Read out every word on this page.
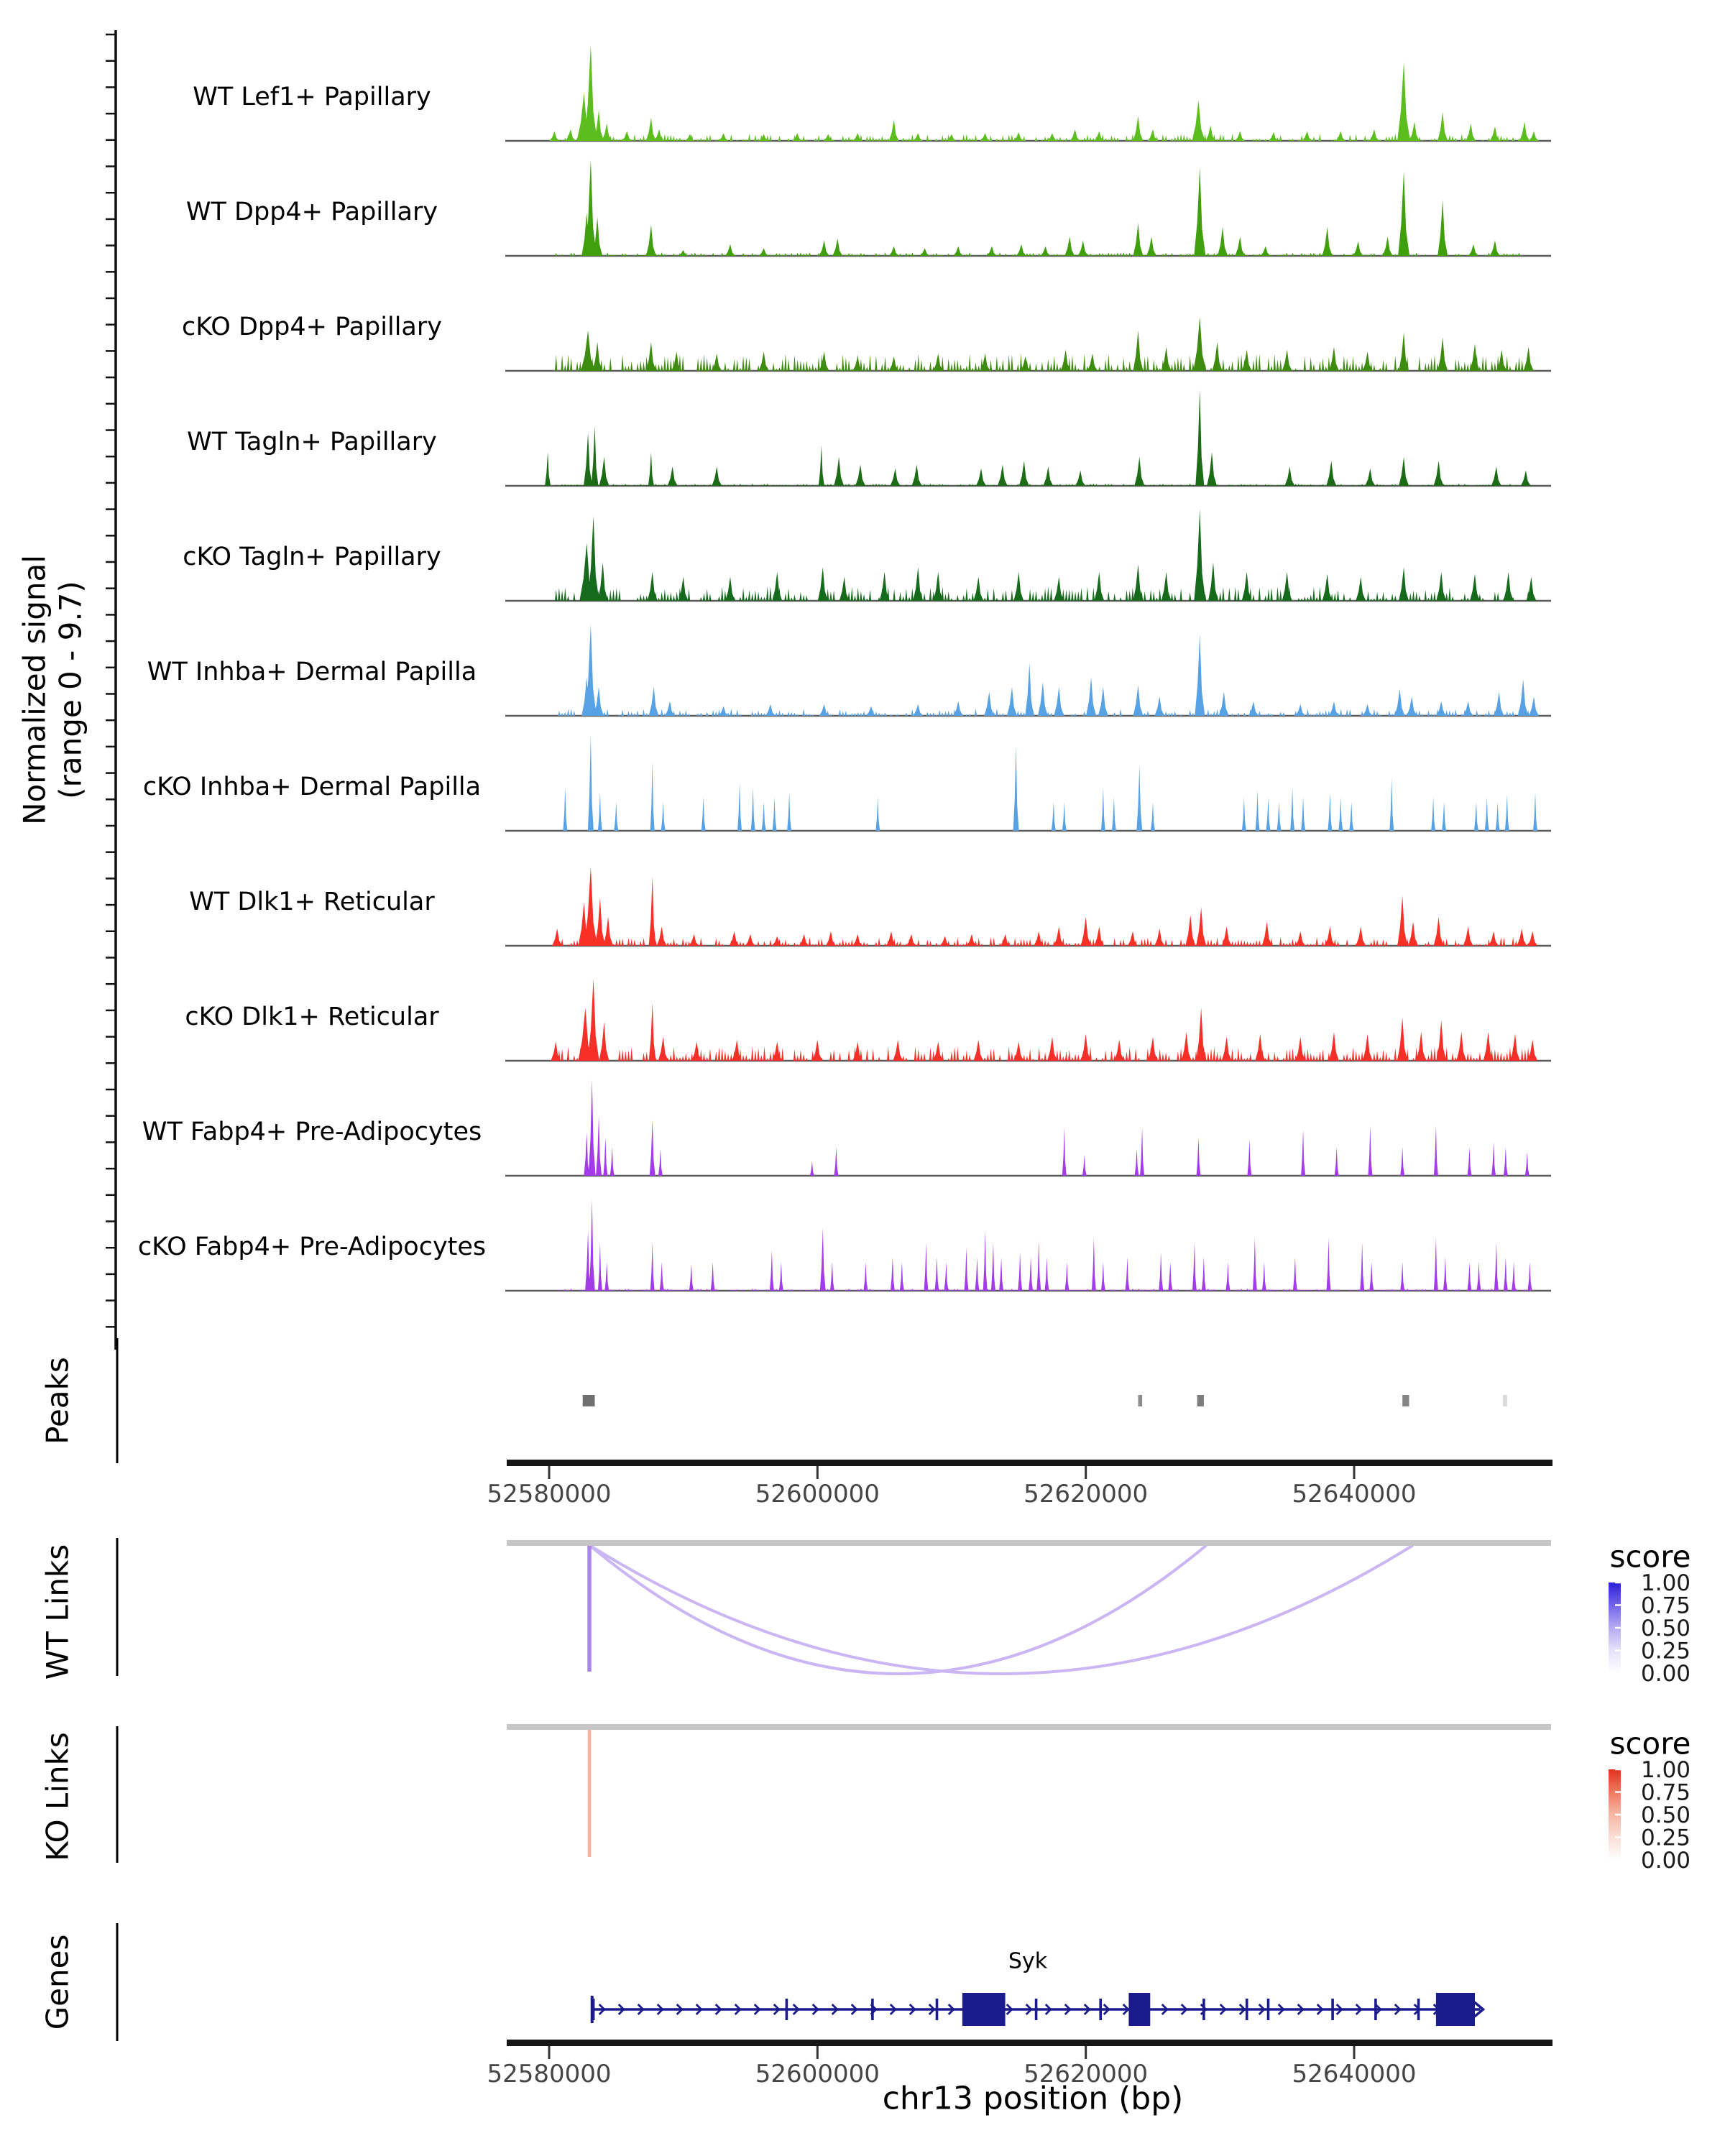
WT Lef1+ Papillary
WT Dpp4+ Papillary
cKO Dpp4+ Papillary
WT Tagln+ Papillary
cKO Tagln+ Papillary
WT Inhba+ Dermal Papilla
cKO Inhba+ Dermal Papilla
WT Dlk1+ Reticular
cKO Dlk1+ Reticular
WT Fabp4+ Pre-Adipocytes
cKO Fabp4+ Pre-Adipocytes
52580000	52600000	52620000	52640000
1.00
0.75
0.50
0.25
0.00
1.00
0.75
0.50
0.25
0.00
52580000	52600000	52620000	52640000
Normalized signal (range 0 - 9.7)
Peaks
WT Links
KO Links
Genes
score
score
Syk
chr13 position (bp)
